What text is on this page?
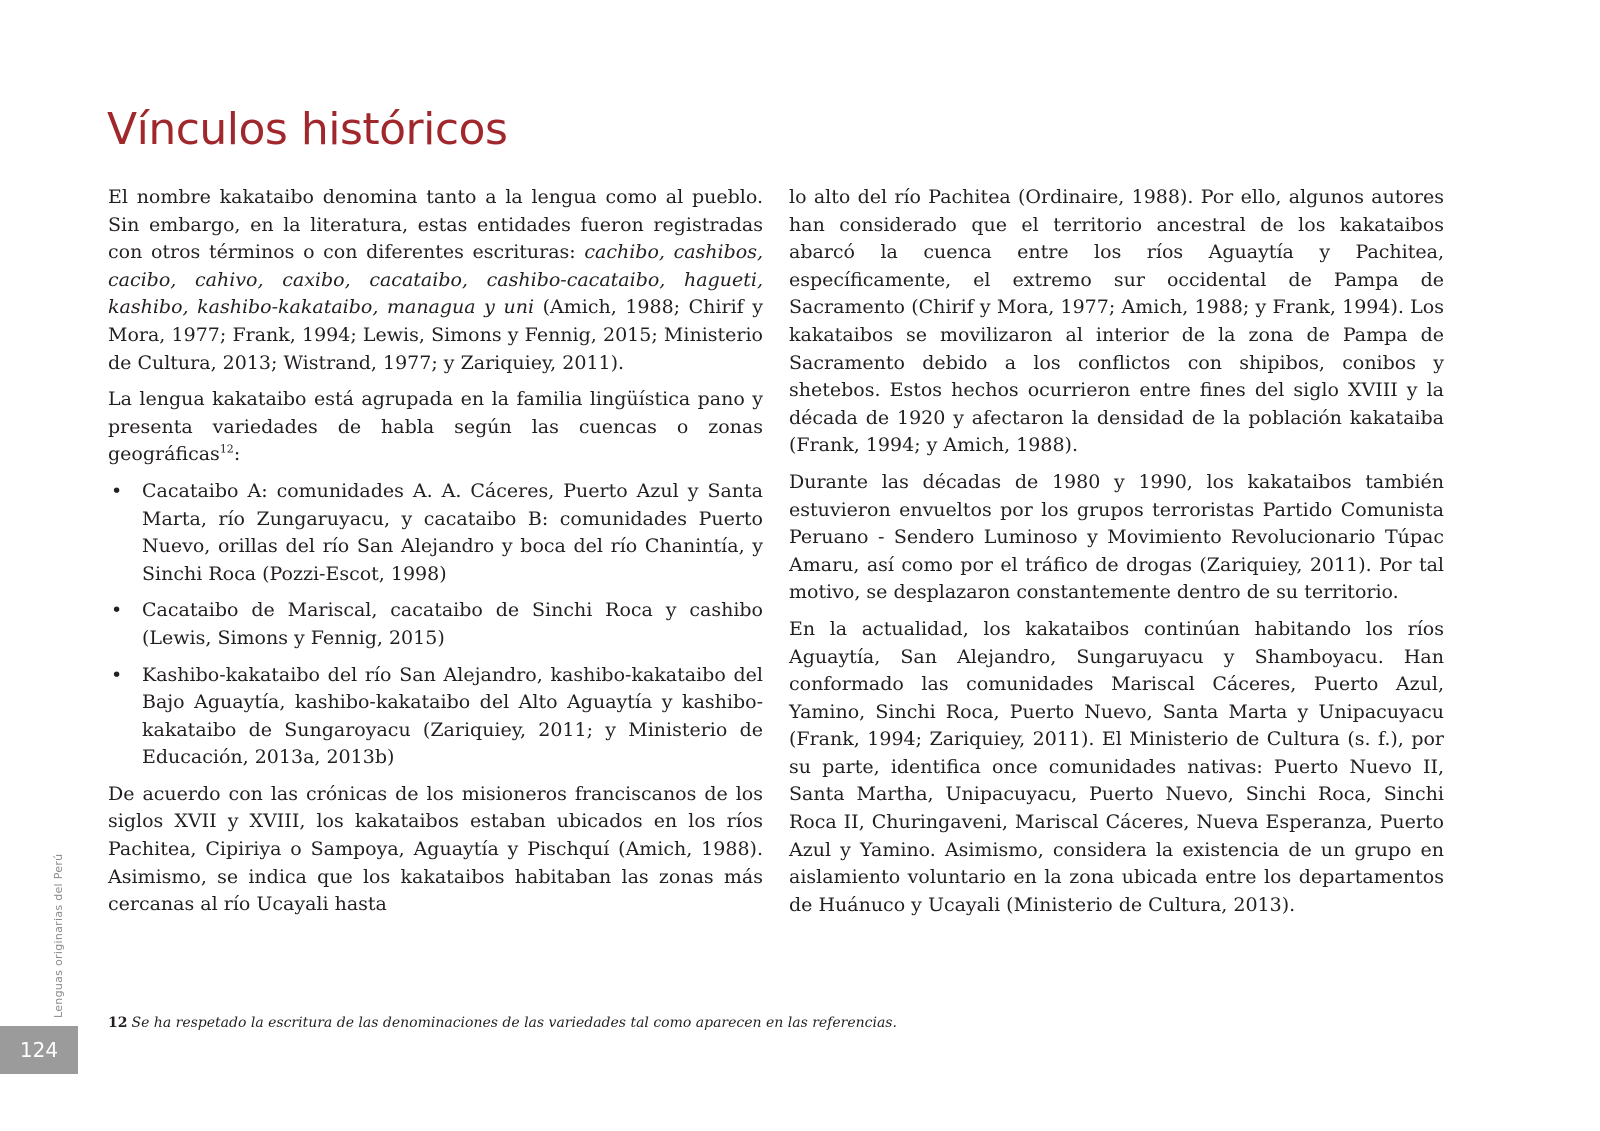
Vínculos históricos

El nombre kakataibo denomina tanto a la lengua como al pueblo. Sin embargo, en la literatura, estas entidades fueron registradas con otros términos o con diferentes escrituras: cachibo, cashibos, cacibo, cahivo, caxibo, cacataibo, cashibo-cacataibo, hagueti, kashibo, kashibo-kakataibo, managua y uni (Amich, 1988; Chirif y Mora, 1977; Frank, 1994; Lewis, Simons y Fennig, 2015; Ministerio de Cultura, 2013; Wistrand, 1977; y Zariquiey, 2011).

La lengua kakataibo está agrupada en la familia lingüística pano y presenta variedades de habla según las cuencas o zonas geográficas$^{12}$:

• Cacataibo A: comunidades A. A. Cáceres, Puerto Azul y Santa Marta, río Zungaruyacu, y cacataibo B: comunidades Puerto Nuevo, orillas del río San Alejandro y boca del río Chanintía, y Sinchi Roca (Pozzi-Escot, 1998)
• Cacataibo de Mariscal, cacataibo de Sinchi Roca y cashibo (Lewis, Simons y Fennig, 2015)
• Kashibo-kakataibo del río San Alejandro, kashibo-kakataibo del Bajo Aguaytía, kashibo-kakataibo del Alto Aguaytía y kashibo-kakataibo de Sungaroyacu (Zariquiey, 2011; y Ministerio de Educación, 2013a, 2013b)

De acuerdo con las crónicas de los misioneros franciscanos de los siglos XVII y XVIII, los kakataibos estaban ubicados en los ríos Pachitea, Cipiriya o Sampoya, Aguaytía y Pischquí (Amich, 1988). Asimismo, se indica que los kakataibos habitaban las zonas más cercanas al río Ucayali hasta

lo alto del río Pachitea (Ordinaire, 1988). Por ello, algunos autores han considerado que el territorio ancestral de los kakataibos abarcó la cuenca entre los ríos Aguaytía y Pachitea, específicamente, el extremo sur occidental de Pampa de Sacramento (Chirif y Mora, 1977; Amich, 1988; y Frank, 1994). Los kakataibos se movilizaron al interior de la zona de Pampa de Sacramento debido a los conflictos con shipibos, conibos y shetebos. Estos hechos ocurrieron entre fines del siglo XVIII y la década de 1920 y afectaron la densidad de la población kakataiba (Frank, 1994; y Amich, 1988).

Durante las décadas de 1980 y 1990, los kakataibos también estuvieron envueltos por los grupos terroristas Partido Comunista Peruano - Sendero Luminoso y Movimiento Revolucionario Túpac Amaru, así como por el tráfico de drogas (Zariquiey, 2011). Por tal motivo, se desplazaron constantemente dentro de su territorio.

En la actualidad, los kakataibos continúan habitando los ríos Aguaytía, San Alejandro, Sungaruyacu y Shamboyacu. Han conformado las comunidades Mariscal Cáceres, Puerto Azul, Yamino, Sinchi Roca, Puerto Nuevo, Santa Marta y Unipacuyacu (Frank, 1994; Zariquiey, 2011). El Ministerio de Cultura (s. f.), por su parte, identifica once comunidades nativas: Puerto Nuevo II, Santa Martha, Unipacuyacu, Puerto Nuevo, Sinchi Roca, Sinchi Roca II, Churingaveni, Mariscal Cáceres, Nueva Esperanza, Puerto Azul y Yamino. Asimismo, considera la existencia de un grupo en aislamiento voluntario en la zona ubicada entre los departamentos de Huánuco y Ucayali (Ministerio de Cultura, 2013).

12 Se ha respetado la escritura de las denominaciones de las variedades tal como aparecen en las referencias.
Lenguas originarias del Perú
124
